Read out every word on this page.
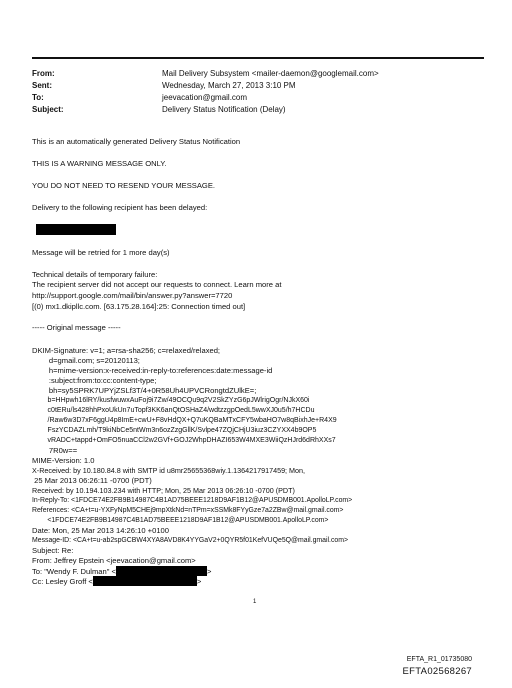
From:	Mail Delivery Subsystem <mailer-daemon@googlemail.com>
Sent:	Wednesday, March 27, 2013 3:10 PM
To:	jeevacation@gmail.com
Subject:	Delivery Status Notification (Delay)
This is an automatically generated Delivery Status Notification
THIS IS A WARNING MESSAGE ONLY.
YOU DO NOT NEED TO RESEND YOUR MESSAGE.
Delivery to the following recipient has been delayed:
Message will be retried for 1 more day(s)
Technical details of temporary failure:
The recipient server did not accept our requests to connect. Learn more at
http://support.google.com/mail/bin/answer.py?answer=7720
[(0) mx1.dkipllc.com. [63.175.28.164]:25: Connection timed out]
----- Original message -----
DKIM-Signature: v=1; a=rsa-sha256; c=relaxed/relaxed;
d=gmail.com; s=20120113;
h=mime-version:x-received:in-reply-to:references:date:message-id
:subject:from:to:cc:content-type;
bh=sy5SPRK7UPYjZSLf3T/4+0R58Uh4UPVCRongtdZUlkE=;
b=HHpwh16lRY/kusfwuwxAuFoj9i7Zw/49OCQu9q2V2SkZYzG6pJWlrigOgr/NJkX60i
c0tERu/ls428hhPxoUkUn7uTopf3KK6anQtOSHaZ4/wdtzzgpOedL5wwXJ0u5/h7HCDu
/Raw6w3D7xF6ggU4p8ImE+cwU+F8vHdQX+Q7uKQBaMTxCFY5wbaHO7w8qBixhJe+R4X9
FszYCDAZLmh/T9kiNbCe5ntWm3n6ozZzgGllK/Svlpe47ZQjCHjU3iuz3CZYXX4b9OP5
vRADC+tappd+OmFO5nuaCCl2w2GVf+GOJ2WhpDHAZI653W4MXE3WiiQzHJrd6dRhXXs7
7R0w==
MIME-Version: 1.0
X-Received: by 10.180.84.8 with SMTP id u8mr25655368wiy.1.1364217917459; Mon,
25 Mar 2013 06:26:11 -0700 (PDT)
Received: by 10.194.103.234 with HTTP; Mon, 25 Mar 2013 06:26:10 -0700 (PDT)
In-Reply-To: <1FDCE74E2FB9B14987C4B1AD75BEEE1218D9AF1B12@APUSDMB001.ApolloLP.com>
References: <CA+t=u-YXFyNpM5CHEj9mpXtkNd=nTPm=xSSMk8FYyGze7a2ZBw@mail.gmail.com>
<1FDCE74E2FB9B14987C4B1AD75BEEE1218D9AF1B12@APUSDMB001.ApolloLP.com>
Date: Mon, 25 Mar 2013 14:26:10 +0100
Message-ID: <CA+t=u-ab2spGCBW4XYA8AVD8K4YYGaV2+0QYR5f01KefVUQe5Q@mail.gmail.com>
Subject: Re:
From: Jeffrey Epstein <jeevacation@gmail.com>
To: "Wendy F. Dulman" <	>
Cc: Lesley Groff <	>
1
EFTA_R1_01735080
EFTA02568267
